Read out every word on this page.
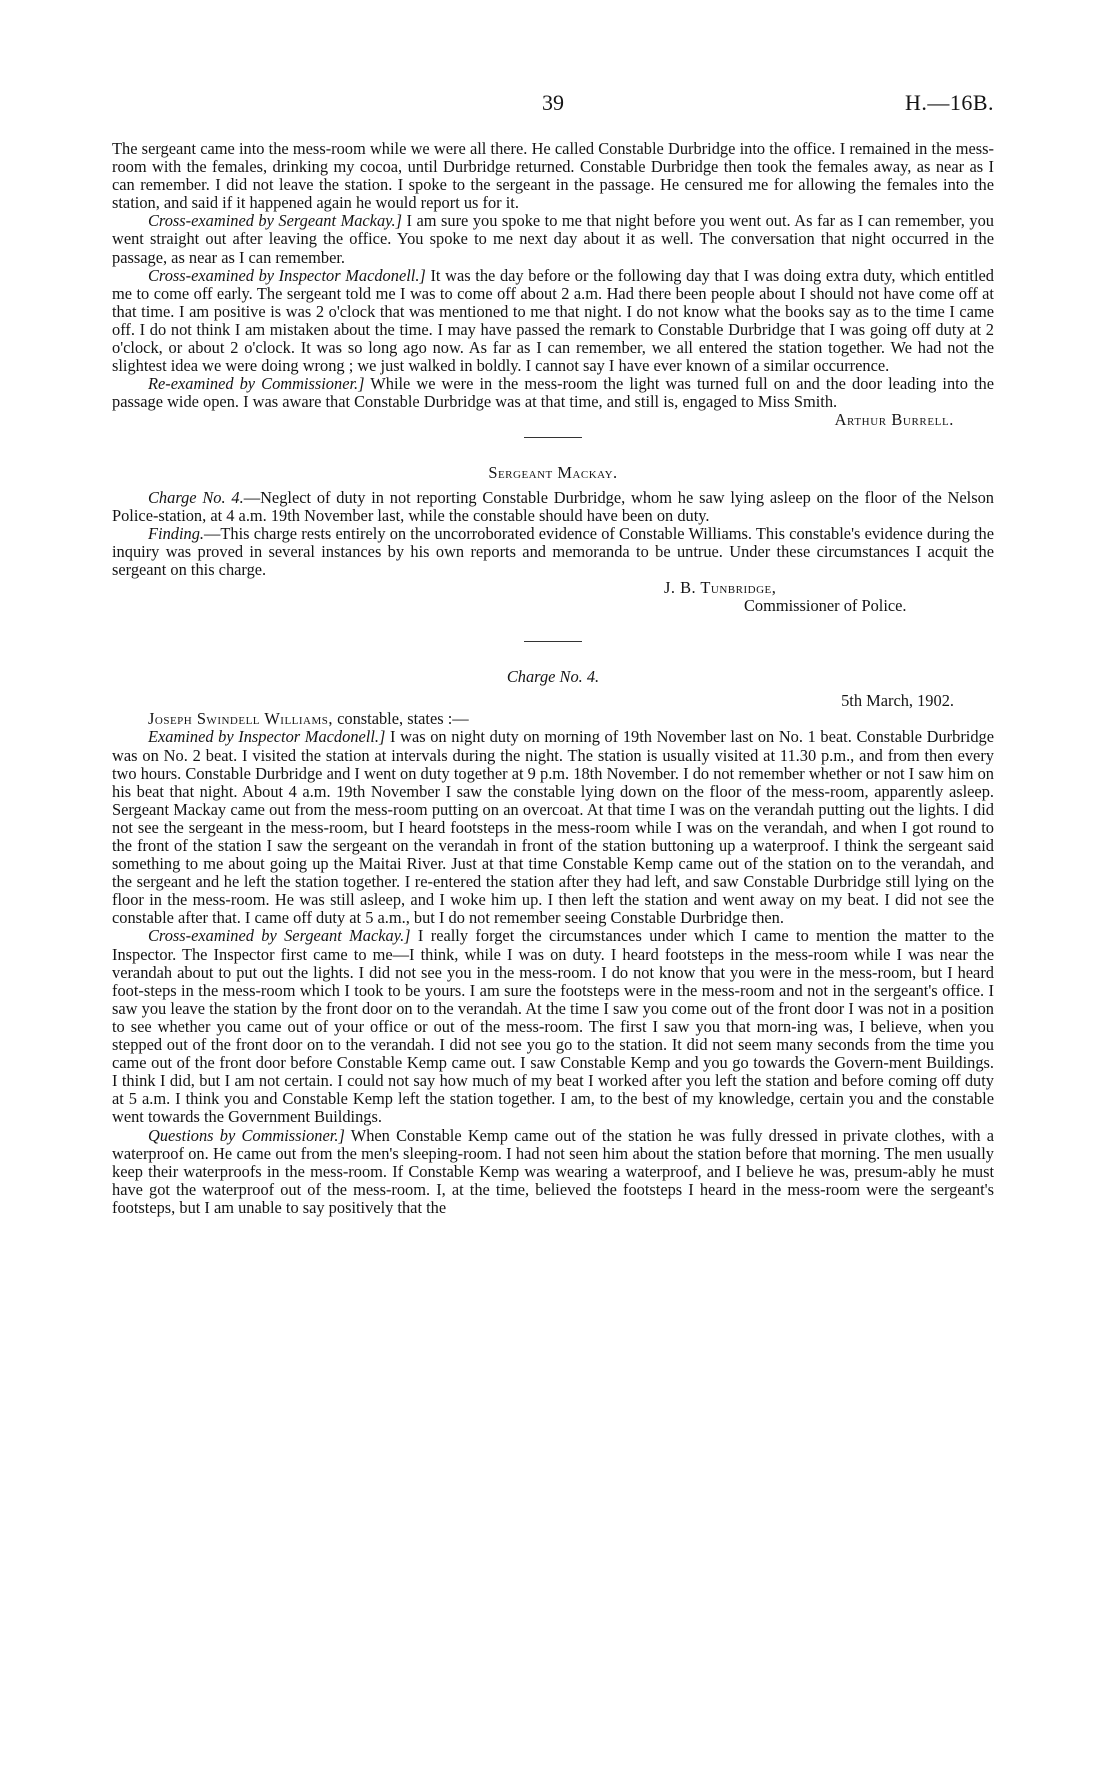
39	H.—16B.

The sergeant came into the mess-room while we were all there. He called Constable Durbridge into the office. I remained in the mess-room with the females, drinking my cocoa, until Durbridge returned. Constable Durbridge then took the females away, as near as I can remember. I did not leave the station. I spoke to the sergeant in the passage. He censured me for allowing the females into the station, and said if it happened again he would report us for it.

Cross-examined by Sergeant Mackay.] I am sure you spoke to me that night before you went out. As far as I can remember, you went straight out after leaving the office. You spoke to me next day about it as well. The conversation that night occurred in the passage, as near as I can remember.

Cross-examined by Inspector Macdonell.] It was the day before or the following day that I was doing extra duty, which entitled me to come off early. The sergeant told me I was to come off about 2 a.m. Had there been people about I should not have come off at that time. I am positive is was 2 o'clock that was mentioned to me that night. I do not know what the books say as to the time I came off. I do not think I am mistaken about the time. I may have passed the remark to Constable Durbridge that I was going off duty at 2 o'clock, or about 2 o'clock. It was so long ago now. As far as I can remember, we all entered the station together. We had not the slightest idea we were doing wrong ; we just walked in boldly. I cannot say I have ever known of a similar occurrence.

Re-examined by Commissioner.] While we were in the mess-room the light was turned full on and the door leading into the passage wide open. I was aware that Constable Durbridge was at that time, and still is, engaged to Miss Smith.
Arthur Burrell.

Sergeant Mackay.

Charge No. 4.—Neglect of duty in not reporting Constable Durbridge, whom he saw lying asleep on the floor of the Nelson Police-station, at 4 a.m. 19th November last, while the constable should have been on duty.

Finding.—This charge rests entirely on the uncorroborated evidence of Constable Williams. This constable's evidence during the inquiry was proved in several instances by his own reports and memoranda to be untrue. Under these circumstances I acquit the sergeant on this charge.

J. B. Tunbridge,

Commissioner of Police.

Charge No. 4.

5th March, 1902.

Joseph Swindell Williams, constable, states :—

Examined by Inspector Macdonell.] I was on night duty on morning of 19th November last on No. 1 beat. Constable Durbridge was on No. 2 beat. I visited the station at intervals during the night. The station is usually visited at 11.30 p.m., and from then every two hours. Constable Durbridge and I went on duty together at 9 p.m. 18th November. I do not remember whether or not I saw him on his beat that night. About 4 a.m. 19th November I saw the constable lying down on the floor of the mess-room, apparently asleep. Sergeant Mackay came out from the mess-room putting on an overcoat. At that time I was on the verandah putting out the lights. I did not see the sergeant in the mess-room, but I heard footsteps in the mess-room while I was on the verandah, and when I got round to the front of the station I saw the sergeant on the verandah in front of the station buttoning up a waterproof. I think the sergeant said something to me about going up the Maitai River. Just at that time Constable Kemp came out of the station on to the verandah, and the sergeant and he left the station together. I re-entered the station after they had left, and saw Constable Durbridge still lying on the floor in the mess-room. He was still asleep, and I woke him up. I then left the station and went away on my beat. I did not see the constable after that. I came off duty at 5 a.m., but I do not remember seeing Constable Durbridge then.

Cross-examined by Sergeant Mackay.] I really forget the circumstances under which I came to mention the matter to the Inspector. The Inspector first came to me—I think, while I was on duty. I heard footsteps in the mess-room while I was near the verandah about to put out the lights. I did not see you in the mess-room. I do not know that you were in the mess-room, but I heard foot-steps in the mess-room which I took to be yours. I am sure the footsteps were in the mess-room and not in the sergeant's office. I saw you leave the station by the front door on to the verandah. At the time I saw you come out of the front door I was not in a position to see whether you came out of your office or out of the mess-room. The first I saw you that morn-ing was, I believe, when you stepped out of the front door on to the verandah. I did not see you go to the station. It did not seem many seconds from the time you came out of the front door before Constable Kemp came out. I saw Constable Kemp and you go towards the Govern-ment Buildings. I think I did, but I am not certain. I could not say how much of my beat I worked after you left the station and before coming off duty at 5 a.m. I think you and Constable Kemp left the station together. I am, to the best of my knowledge, certain you and the constable went towards the Government Buildings.

Questions by Commissioner.] When Constable Kemp came out of the station he was fully dressed in private clothes, with a waterproof on. He came out from the men's sleeping-room. I had not seen him about the station before that morning. The men usually keep their waterproofs in the mess-room. If Constable Kemp was wearing a waterproof, and I believe he was, presum-ably he must have got the waterproof out of the mess-room. I, at the time, believed the footsteps I heard in the mess-room were the sergeant's footsteps, but I am unable to say positively that the
